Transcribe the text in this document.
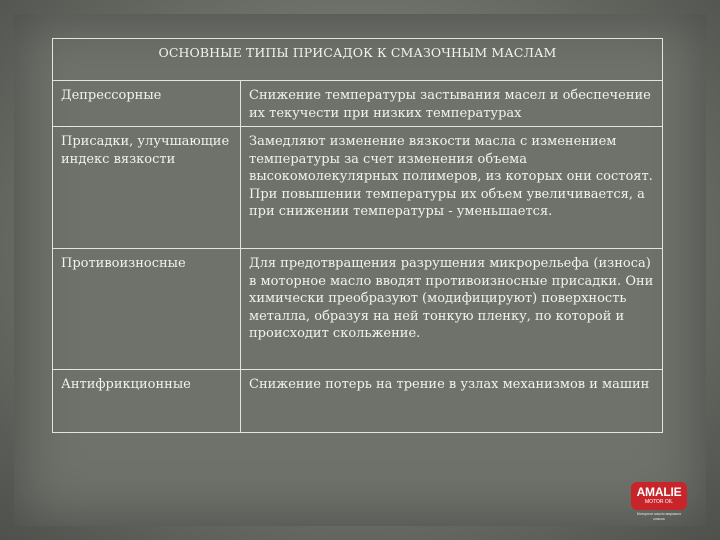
ОСНОВНЫЕ ТИПЫ ПРИСАДОК К СМАЗОЧНЫМ МАСЛАМ	
Депрессорные	Снижение температуры застывания масел и обеспечение их текучести при низких температурах
Присадки, улучшающие индекс вязкости	Замедляют изменение вязкости масла с изменением температуры за счет изменения объема высокомолекулярных полимеров, из которых они состоят. При повышении температуры их объем увеличивается, а при снижении температуры - уменьшается.
Противоизносные	Для предотвращения разрушения микрорельефа (износа) в моторное масло вводят противоизносные присадки. Они химически преобразуют (модифицируют) поверхность металла, образуя на ней тонкую пленку, по которой и происходит скольжение.
Антифрикционные	Снижение потерь на трение в узлах механизмов и машин
AMALIE
MOTOR OIL
Моторное масло мирового класса
